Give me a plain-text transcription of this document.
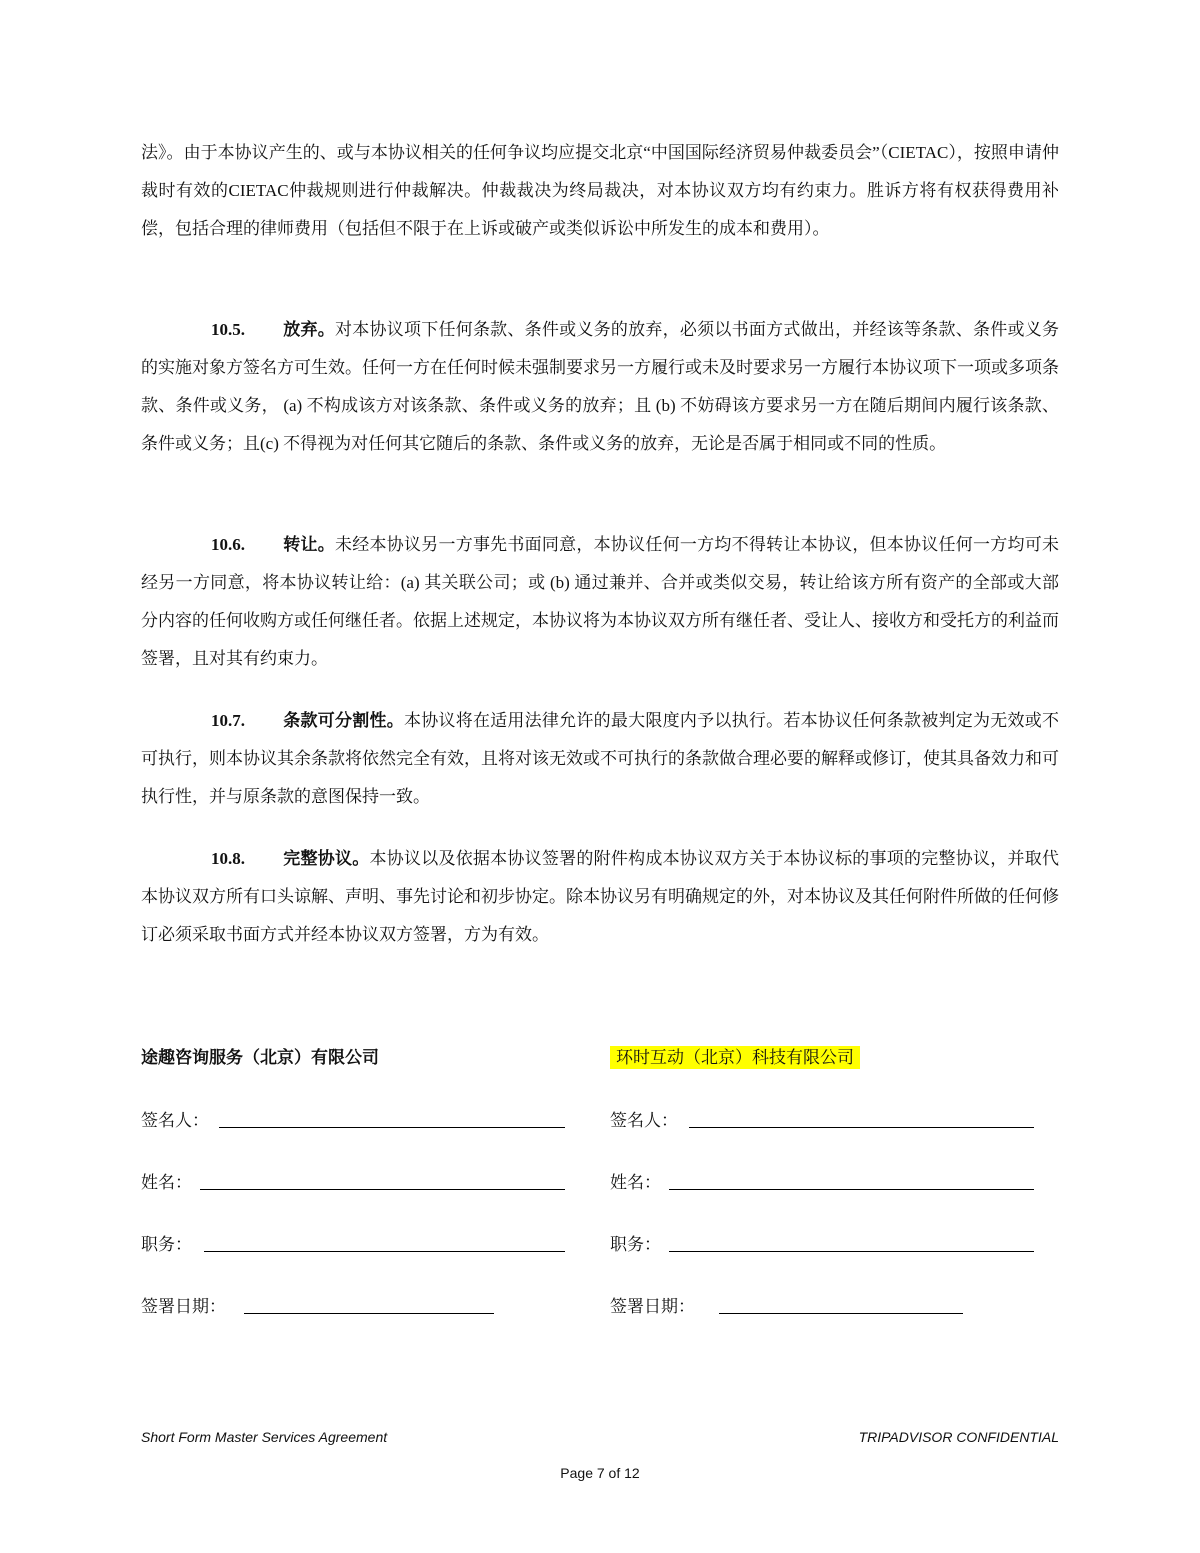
法》。由于本协议产生的、或与本协议相关的任何争议均应提交北京“中国国际经济贸易仲裁委员会”（CIETAC），按照申请仲裁时有效的CIETAC仲裁规则进行仲裁解决。仲裁裁决为终局裁决，对本协议双方均有约束力。胜诉方将有权获得费用补偿，包括合理的律师费用（包括但不限于在上诉或破产或类似诉讼中所发生的成本和费用）。
10.5. 放弃。对本协议项下任何条款、条件或义务的放弃，必须以书面方式做出，并经该等条款、条件或义务的实施对象方签名方可生效。任何一方在任何时候未强制要求另一方履行或未及时要求另一方履行本协议项下一项或多项条款、条件或义务， (a) 不构成该方对该条款、条件或义务的放弃；且 (b) 不妨碍该方要求另一方在随后期间内履行该条款、条件或义务；且(c) 不得视为对任何其它随后的条款、条件或义务的放弃，无论是否属于相同或不同的性质。
10.6. 转让。未经本协议另一方事先书面同意，本协议任何一方均不得转让本协议，但本协议任何一方均可未经另一方同意，将本协议转让给：(a) 其关联公司；或 (b) 通过兼并、合并或类似交易，转让给该方所有资产的全部或大部分内容的任何收购方或任何继任者。依据上述规定，本协议将为本协议双方所有继任者、受让人、接收方和受托方的利益而签署，且对其有约束力。
10.7. 条款可分割性。本协议将在适用法律允许的最大限度内予以执行。若本协议任何条款被判定为无效或不可执行，则本协议其余条款将依然完全有效，且将对该无效或不可执行的条款做合理必要的解释或修订，使其具备效力和可执行性，并与原条款的意图保持一致。
10.8. 完整协议。本协议以及依据本协议签署的附件构成本协议双方关于本协议标的事项的完整协议，并取代本协议双方所有口头谅解、声明、事先讨论和初步协定。除本协议另有明确规定的外，对本协议及其任何附件所做的任何修订必须采取书面方式并经本协议双方签署，方为有效。
途趣咨询服务（北京）有限公司	环时互动（北京）科技有限公司
签名人：	签名人：
姓名：	姓名：
职务：	职务：
签署日期：	签署日期：
Short Form Master Services Agreement	TRIPADVISOR CONFIDENTIAL
Page 7 of 12
